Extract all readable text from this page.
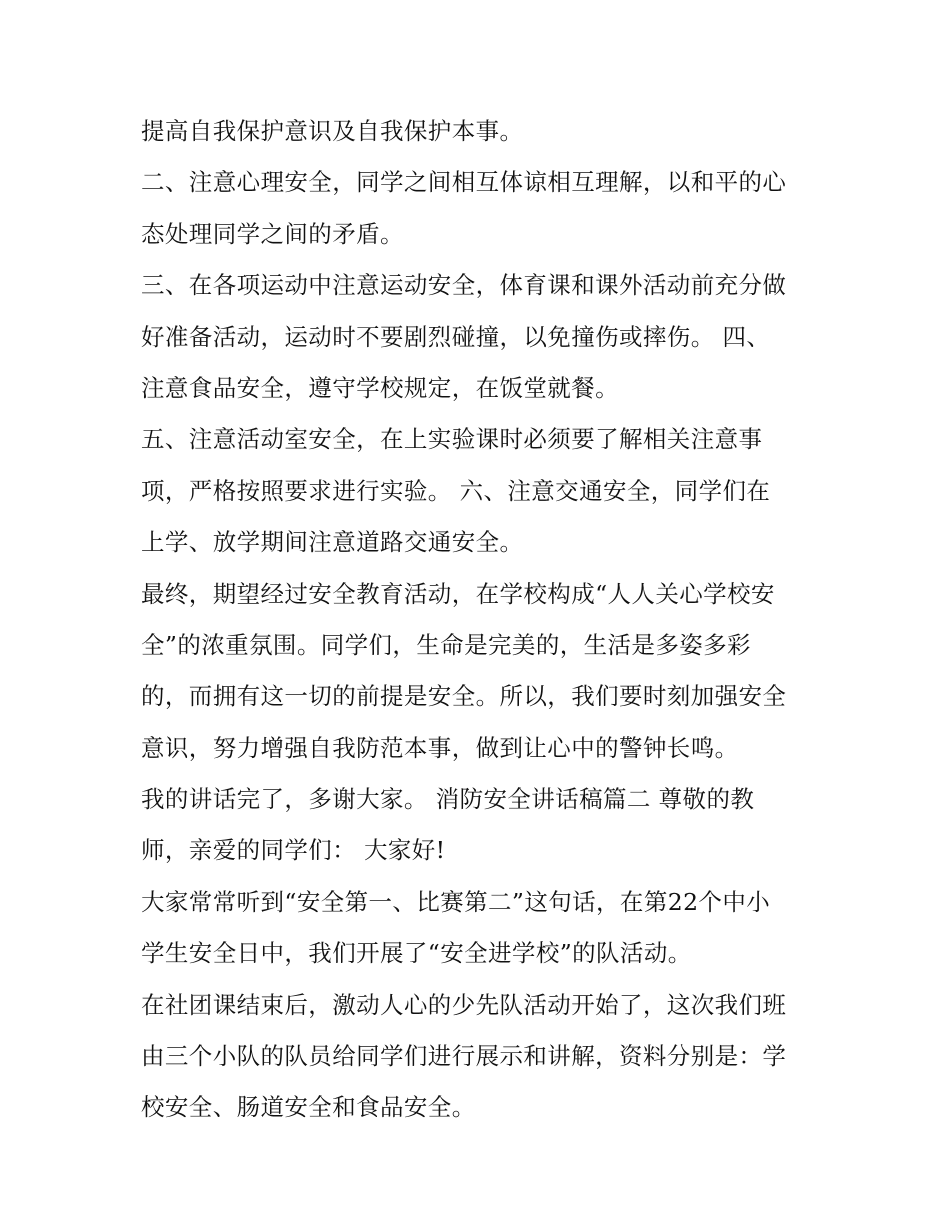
提高自我保护意识及自我保护本事。
二、注意心理安全，同学之间相互体谅相互理解，以和平的心
态处理同学之间的矛盾。
三、在各项运动中注意运动安全，体育课和课外活动前充分做
好准备活动，运动时不要剧烈碰撞，以免撞伤或摔伤。 四、
注意食品安全，遵守学校规定，在饭堂就餐。
五、注意活动室安全，在上实验课时必须要了解相关注意事
项，严格按照要求进行实验。 六、注意交通安全，同学们在
上学、放学期间注意道路交通安全。
最终，期望经过安全教育活动，在学校构成“人人关心学校安
全”的浓重氛围。同学们，生命是完美的，生活是多姿多彩
的，而拥有这一切的前提是安全。所以，我们要时刻加强安全
意识，努力增强自我防范本事，做到让心中的警钟长鸣。
我的讲话完了，多谢大家。 消防安全讲话稿篇二 尊敬的教
师，亲爱的同学们： 大家好!
大家常常听到“安全第一、比赛第二”这句话，在第22个中小
学生安全日中，我们开展了“安全进学校”的队活动。
在社团课结束后，激动人心的少先队活动开始了，这次我们班
由三个小队的队员给同学们进行展示和讲解，资料分别是：学
校安全、肠道安全和食品安全。
